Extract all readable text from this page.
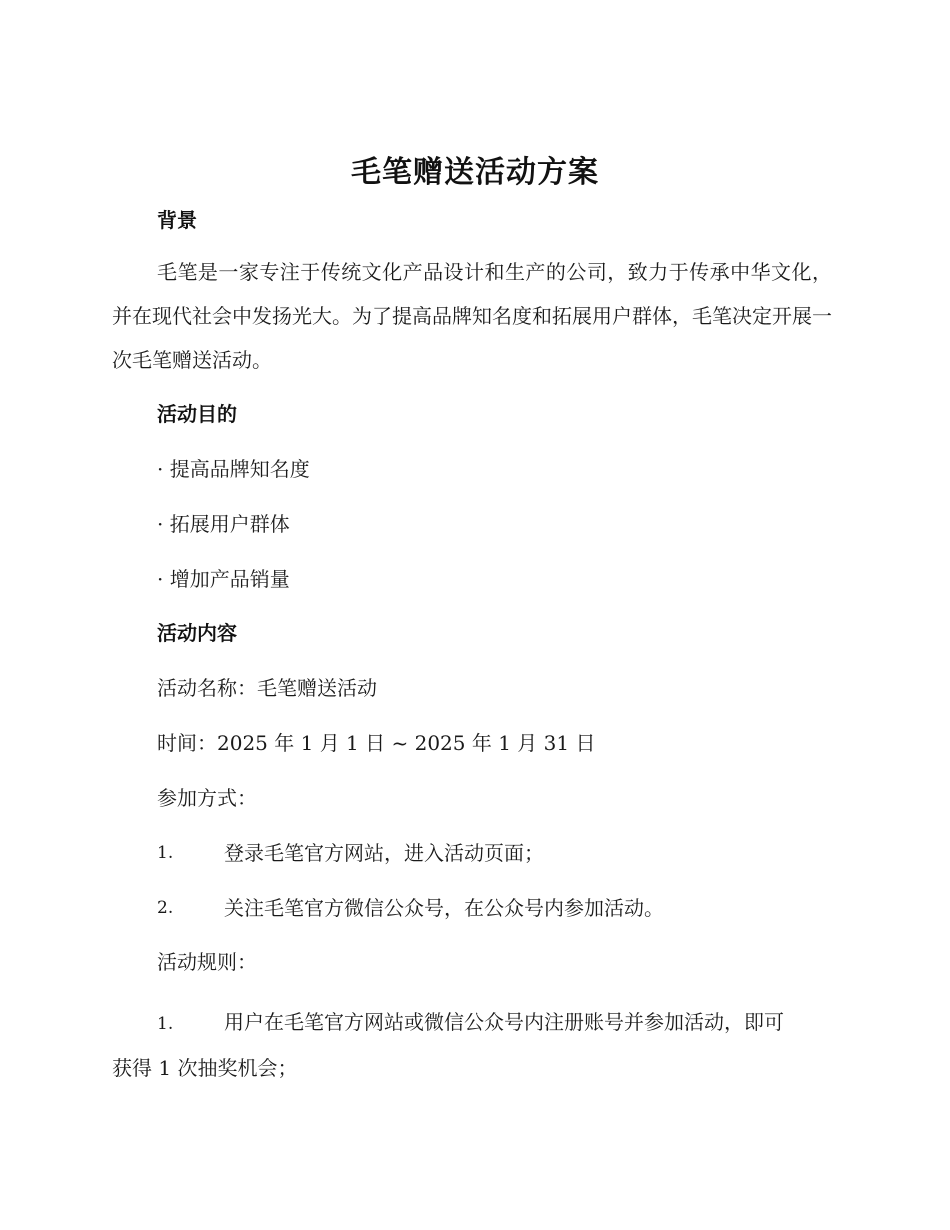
毛笔赠送活动方案
背景
毛笔是一家专注于传统文化产品设计和生产的公司，致力于传承中华文化，并在现代社会中发扬光大。为了提高品牌知名度和拓展用户群体，毛笔决定开展一次毛笔赠送活动。
活动目的
· 提高品牌知名度
· 拓展用户群体
· 增加产品销量
活动内容
活动名称：毛笔赠送活动
时间：2025 年 1 月 1 日 ~ 2025 年 1 月 31 日
参加方式：
1.	登录毛笔官方网站，进入活动页面；
2.	关注毛笔官方微信公众号，在公众号内参加活动。
活动规则：
1.	用户在毛笔官方网站或微信公众号内注册账号并参加活动，即可
获得 1 次抽奖机会；
